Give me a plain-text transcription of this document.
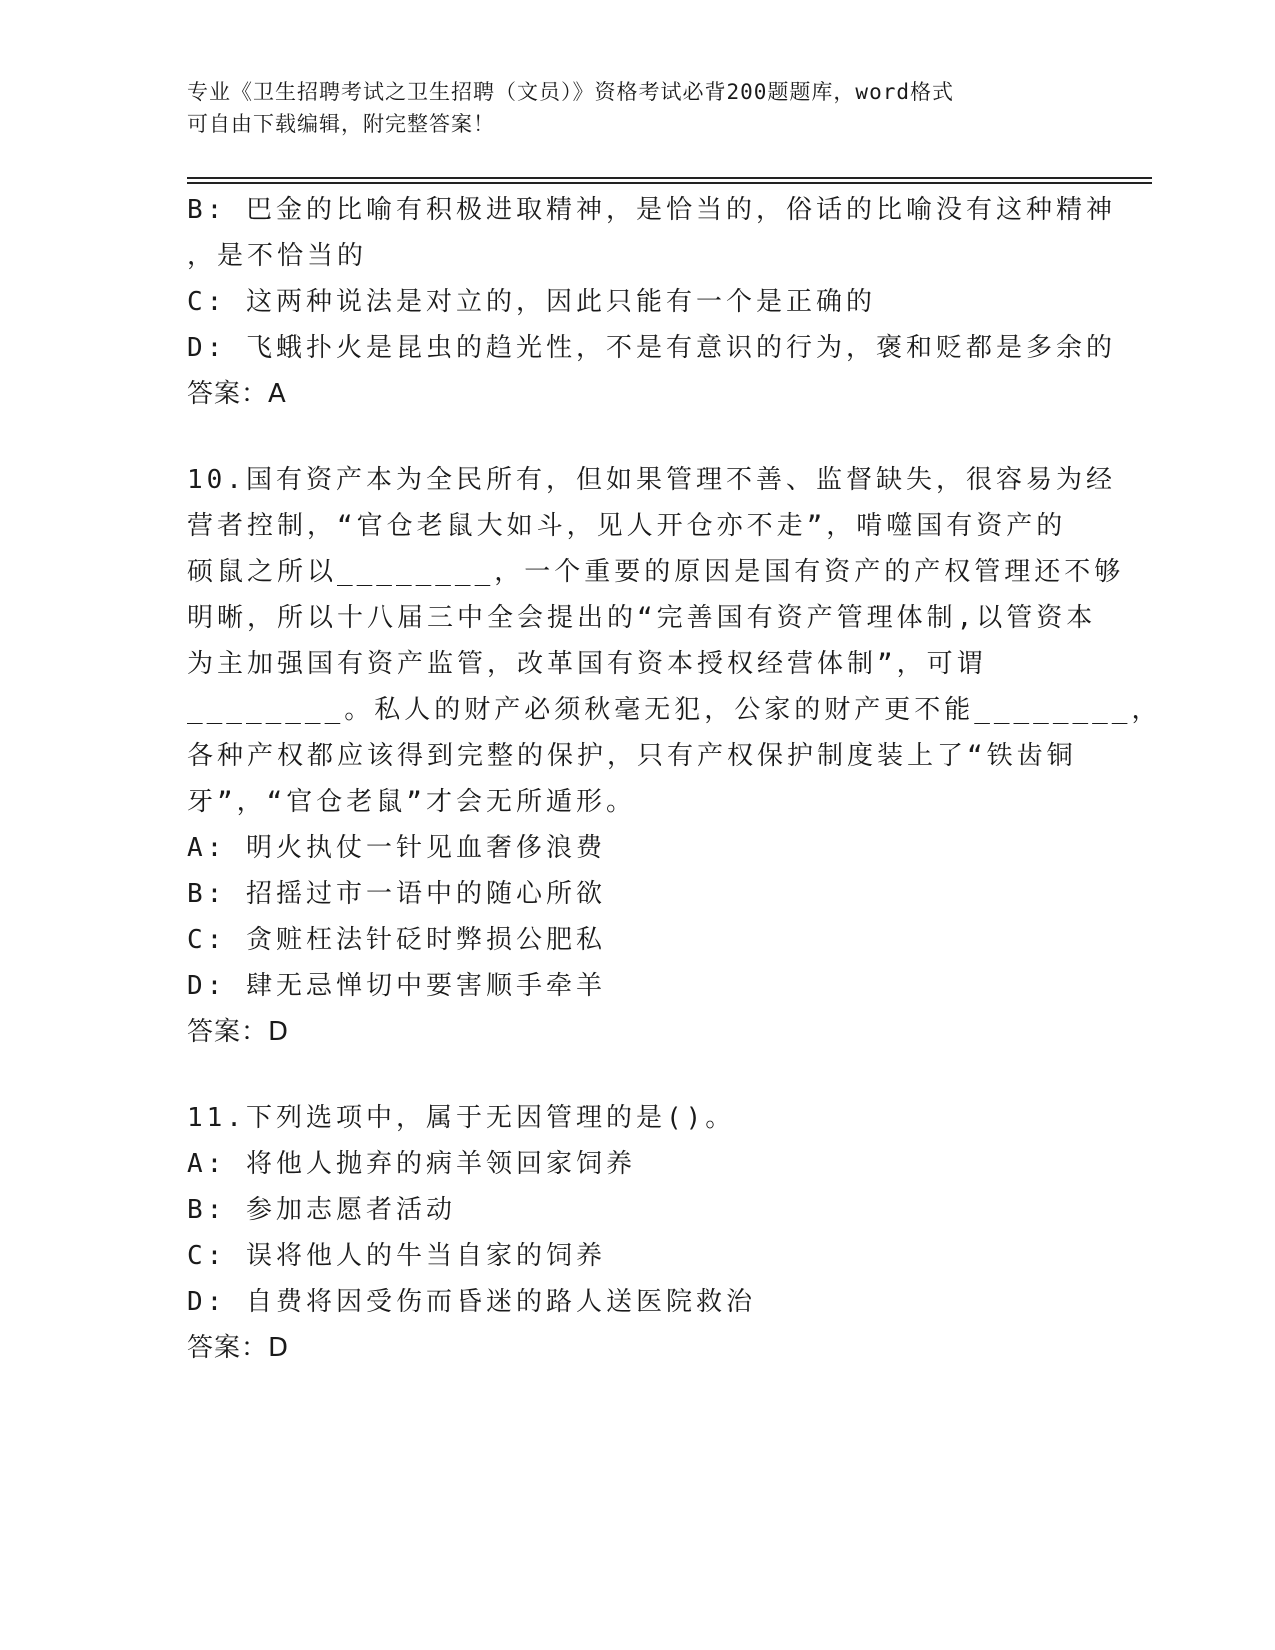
专业《卫生招聘考试之卫生招聘（文员）》资格考试必背200题题库，word格式
可自由下载编辑，附完整答案！
B: 巴金的比喻有积极进取精神，是恰当的，俗话的比喻没有这种精神
，是不恰当的
C: 这两种说法是对立的，因此只能有一个是正确的
D: 飞蛾扑火是昆虫的趋光性，不是有意识的行为，褒和贬都是多余的
答案：A
10.国有资产本为全民所有，但如果管理不善、监督缺失，很容易为经
营者控制，“官仓老鼠大如斗，见人开仓亦不走”，啃噬国有资产的
硕鼠之所以________，一个重要的原因是国有资产的产权管理还不够
明晰，所以十八届三中全会提出的“完善国有资产管理体制,以管资本
为主加强国有资产监管，改革国有资本授权经营体制”，可谓
________。私人的财产必须秋毫无犯，公家的财产更不能________，
各种产权都应该得到完整的保护，只有产权保护制度装上了“铁齿铜
牙”，“官仓老鼠”才会无所遁形。
A: 明火执仗一针见血奢侈浪费
B: 招摇过市一语中的随心所欲
C: 贪赃枉法针砭时弊损公肥私
D: 肆无忌惮切中要害顺手牵羊
答案：D
11.下列选项中，属于无因管理的是()。
A: 将他人抛弃的病羊领回家饲养
B: 参加志愿者活动
C: 误将他人的牛当自家的饲养
D: 自费将因受伤而昏迷的路人送医院救治
答案：D
